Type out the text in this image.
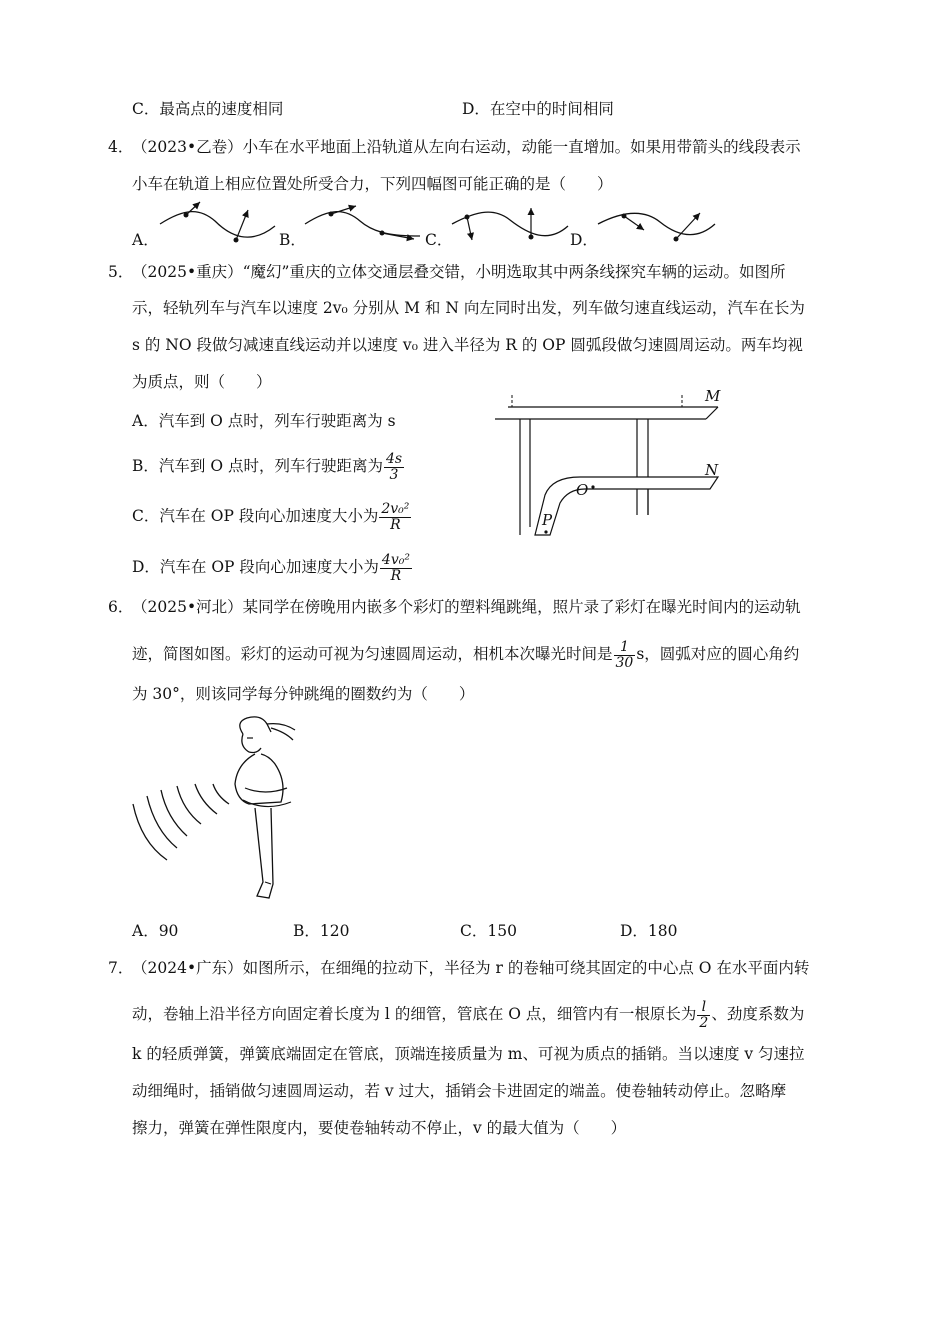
C．最高点的速度相同	D．在空中的时间相同
4．
（2023•乙卷）小车在水平地面上沿轨道从左向右运动，动能一直增加。如果用带箭头的线段表示
小车在轨道上相应位置处所受合力，下列四幅图可能正确的是（　　）
A．	B．	C．	D．
5．
（2025•重庆）“魔幻”重庆的立体交通层叠交错，小明选取其中两条线探究车辆的运动。如图所
示，轻轨列车与汽车以速度 2v₀ 分别从 M 和 N 向左同时出发，列车做匀速直线运动，汽车在长为
s 的 NO 段做匀减速直线运动并以速度 v₀ 进入半径为 R 的 OP 圆弧段做匀速圆周运动。两车均视
为质点，则（　　）
A．汽车到 O 点时，列车行驶距离为 s
B．汽车到 O 点时，列车行驶距离为 $\frac{4s}{3}$
C．汽车在 OP 段向心加速度大小为 $\frac{\text{2v₀²}}{R}$
D．汽车在 OP 段向心加速度大小为 $\frac{\text{4v₀²}}{R}$
M
N
O
P
6．
（2025•河北）某同学在傍晚用内嵌多个彩灯的塑料绳跳绳，照片录了彩灯在曝光时间内的运动轨
迹，简图如图。彩灯的运动可视为匀速圆周运动，相机本次曝光时间是 $\frac{1}{30}$ s，圆弧对应的圆心角约
为 30°，则该同学每分钟跳绳的圈数约为（　　）
A．90	B．120	C．150	D．180
7．
（2024•广东）如图所示，在细绳的拉动下，半径为 r 的卷轴可绕其固定的中心点 O 在水平面内转
动，卷轴上沿半径方向固定着长度为 l 的细管，管底在 O 点，细管内有一根原长为 $\frac{l}{2}$ 、劲度系数为
k 的轻质弹簧，弹簧底端固定在管底，顶端连接质量为 m、可视为质点的插销。当以速度 v 匀速拉
动细绳时，插销做匀速圆周运动，若 v 过大，插销会卡进固定的端盖。使卷轴转动停止。忽略摩
擦力，弹簧在弹性限度内，要使卷轴转动不停止，v 的最大值为（　　）
